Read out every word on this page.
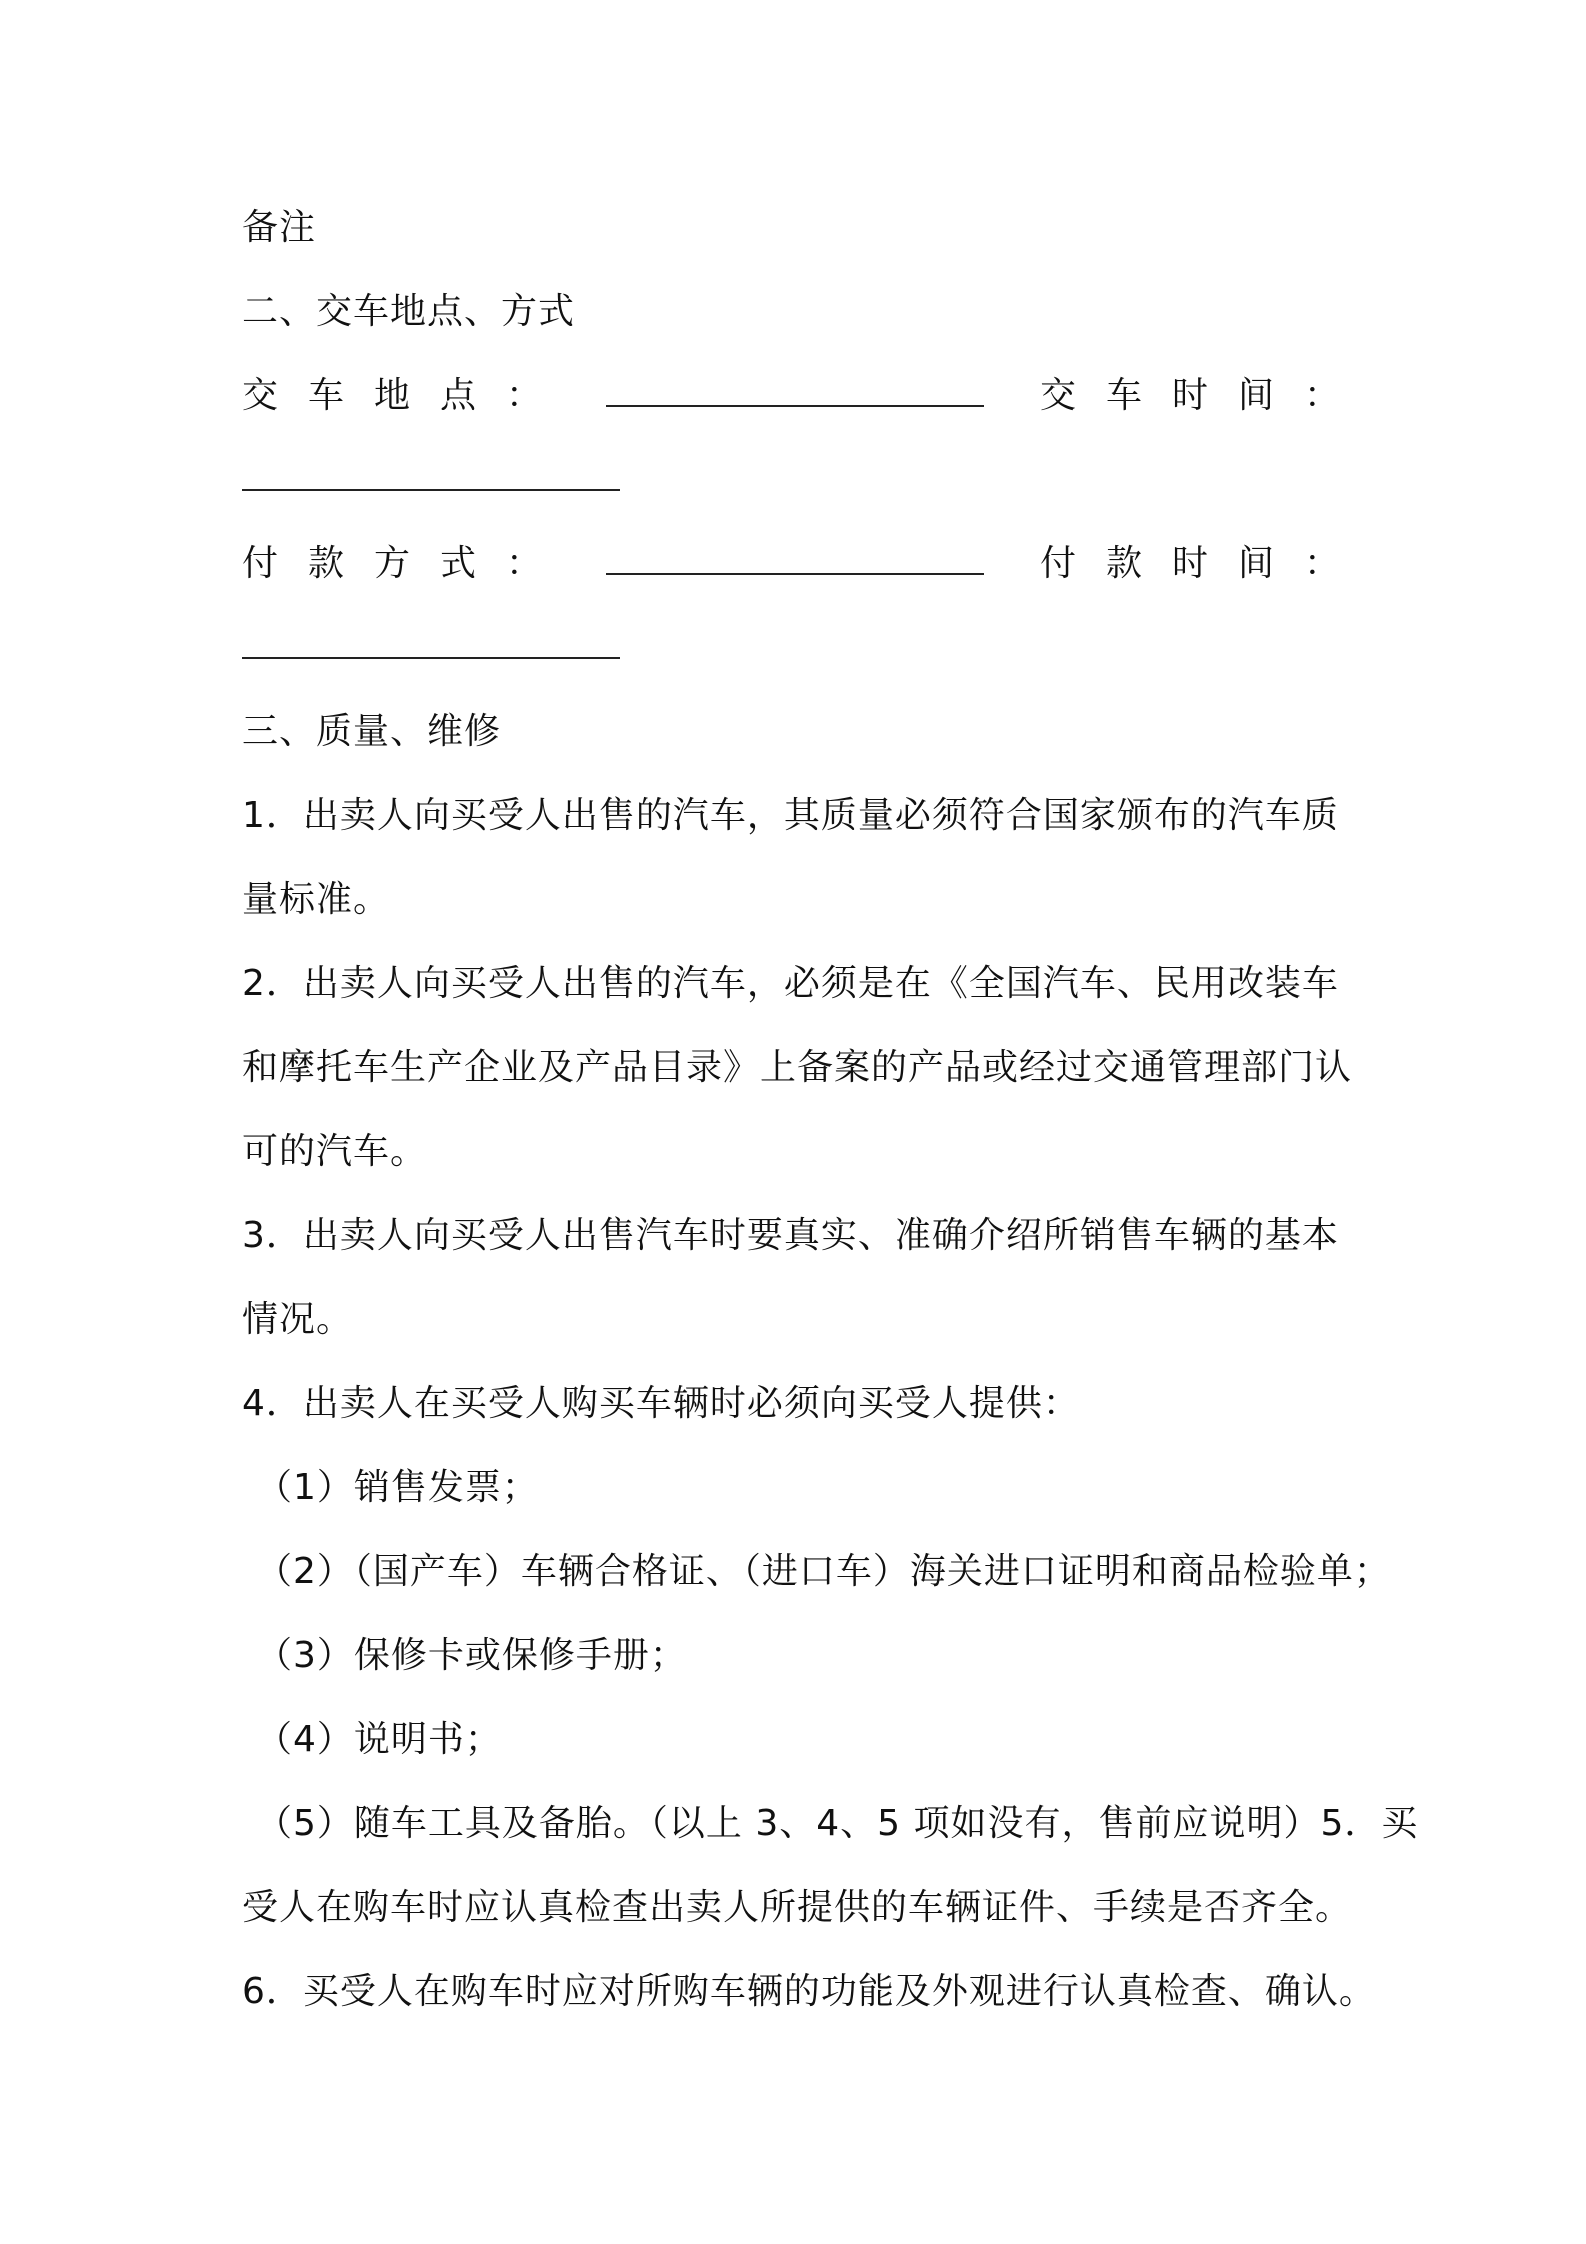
备注
二、交车地点、方式
交车地点：	交车时间：
付款方式：	付款时间：
三、质量、维修
1．出卖人向买受人出售的汽车，其质量必须符合国家颁布的汽车质
量标准。
2．出卖人向买受人出售的汽车，必须是在《全国汽车、民用改装车
和摩托车生产企业及产品目录》上备案的产品或经过交通管理部门认
可的汽车。
3．出卖人向买受人出售汽车时要真实、准确介绍所销售车辆的基本
情况。
4．出卖人在买受人购买车辆时必须向买受人提供：
（1）销售发票；
（2）（国产车）车辆合格证、（进口车）海关进口证明和商品检验单；
（3）保修卡或保修手册；
（4）说明书；
（5）随车工具及备胎。（以上 3、4、5 项如没有，售前应说明）5．买
受人在购车时应认真检查出卖人所提供的车辆证件、手续是否齐全。
6．买受人在购车时应对所购车辆的功能及外观进行认真检查、确认。
